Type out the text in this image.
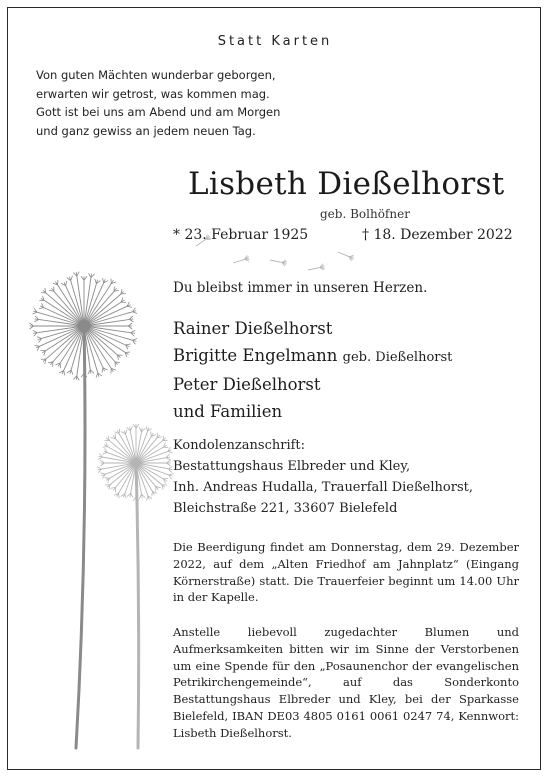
Statt Karten
Von guten Mächten wunderbar geborgen,
erwarten wir getrost, was kommen mag.
Gott ist bei uns am Abend und am Morgen
und ganz gewiss an jedem neuen Tag.
Lisbeth Dießelhorst
geb. Bolhöfner
* 23. Februar 1925	† 18. Dezember 2022
Du bleibst immer in unseren Herzen.
Rainer Dießelhorst
Brigitte Engelmann geb. Dießelhorst
Peter Dießelhorst
und Familien
Kondolenzanschrift:
Bestattungshaus Elbreder und Kley,
Inh. Andreas Hudalla, Trauerfall Dießelhorst,
Bleichstraße 221, 33607 Bielefeld
Die Beerdigung findet am Donnerstag, dem 29. Dezember 2022, auf dem „Alten Friedhof am Jahnplatz“ (Eingang Körnerstraße) statt. Die Trauerfeier beginnt um 14.00 Uhr in der Kapelle.
Anstelle liebevoll zugedachter Blumen und Aufmerksamkeiten bitten wir im Sinne der Verstorbenen um eine Spende für den „Posaunenchor der evangelischen Petrikirchengemeinde“, auf das Sonderkonto Bestattungshaus Elbreder und Kley, bei der Sparkasse Bielefeld, IBAN DE03 4805 0161 0061 0247 74, Kennwort: Lisbeth Dießelhorst.
